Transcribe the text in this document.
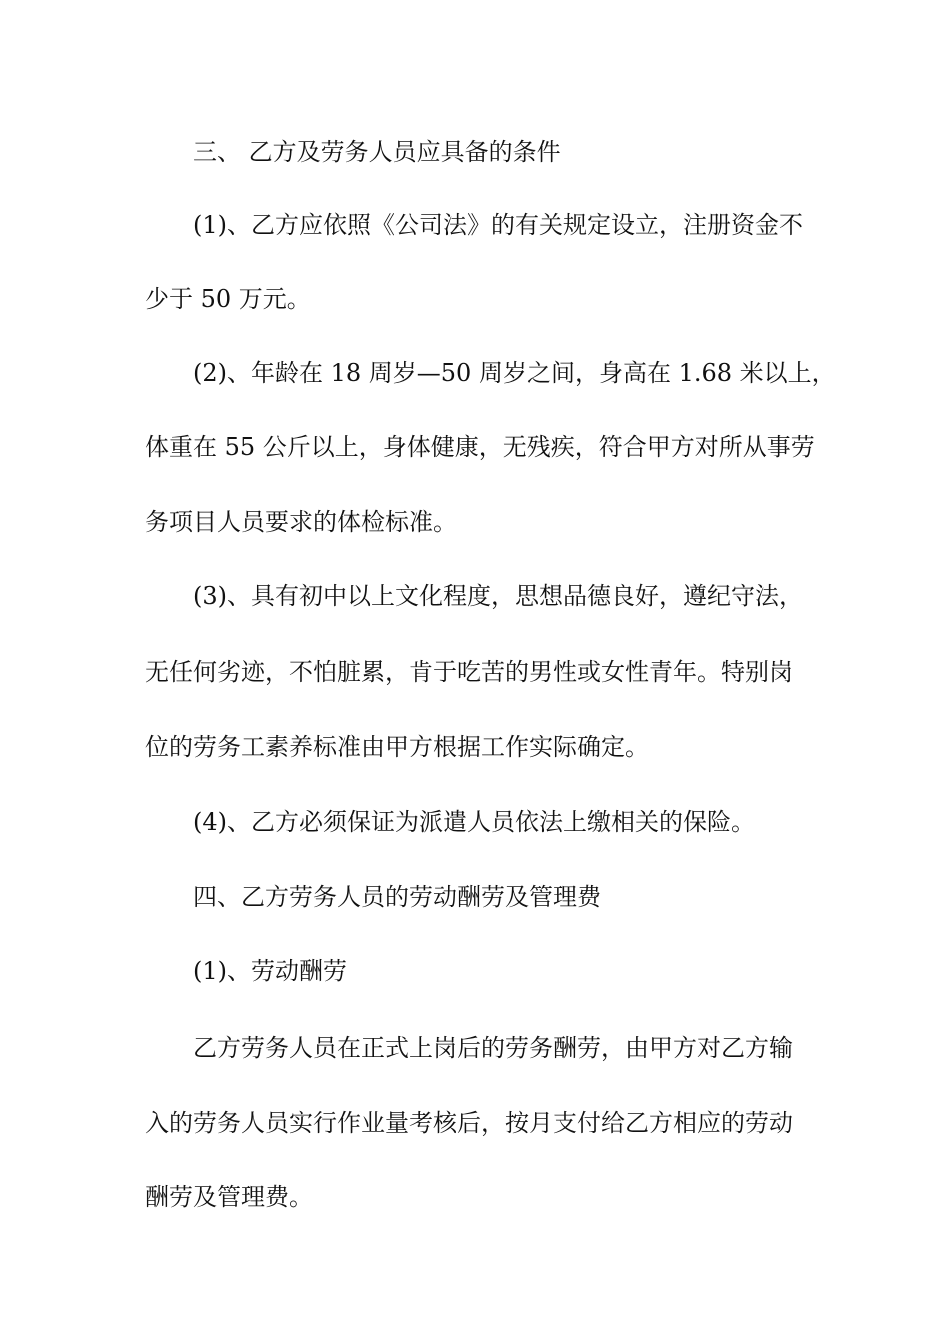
三、 乙方及劳务人员应具备的条件
(1)、乙方应依照《公司法》的有关规定设立，注册资金不
少于 50 万元。
(2)、年龄在 18 周岁—50 周岁之间，身高在 1.68 米以上，
体重在 55 公斤以上，身体健康，无残疾，符合甲方对所从事劳
务项目人员要求的体检标准。
(3)、具有初中以上文化程度，思想品德良好，遵纪守法，
无任何劣迹，不怕脏累，肯于吃苦的男性或女性青年。特别岗
位的劳务工素养标准由甲方根据工作实际确定。
(4)、乙方必须保证为派遣人员依法上缴相关的保险。
四、乙方劳务人员的劳动酬劳及管理费
(1)、劳动酬劳
乙方劳务人员在正式上岗后的劳务酬劳，由甲方对乙方输
入的劳务人员实行作业量考核后，按月支付给乙方相应的劳动
酬劳及管理费。
